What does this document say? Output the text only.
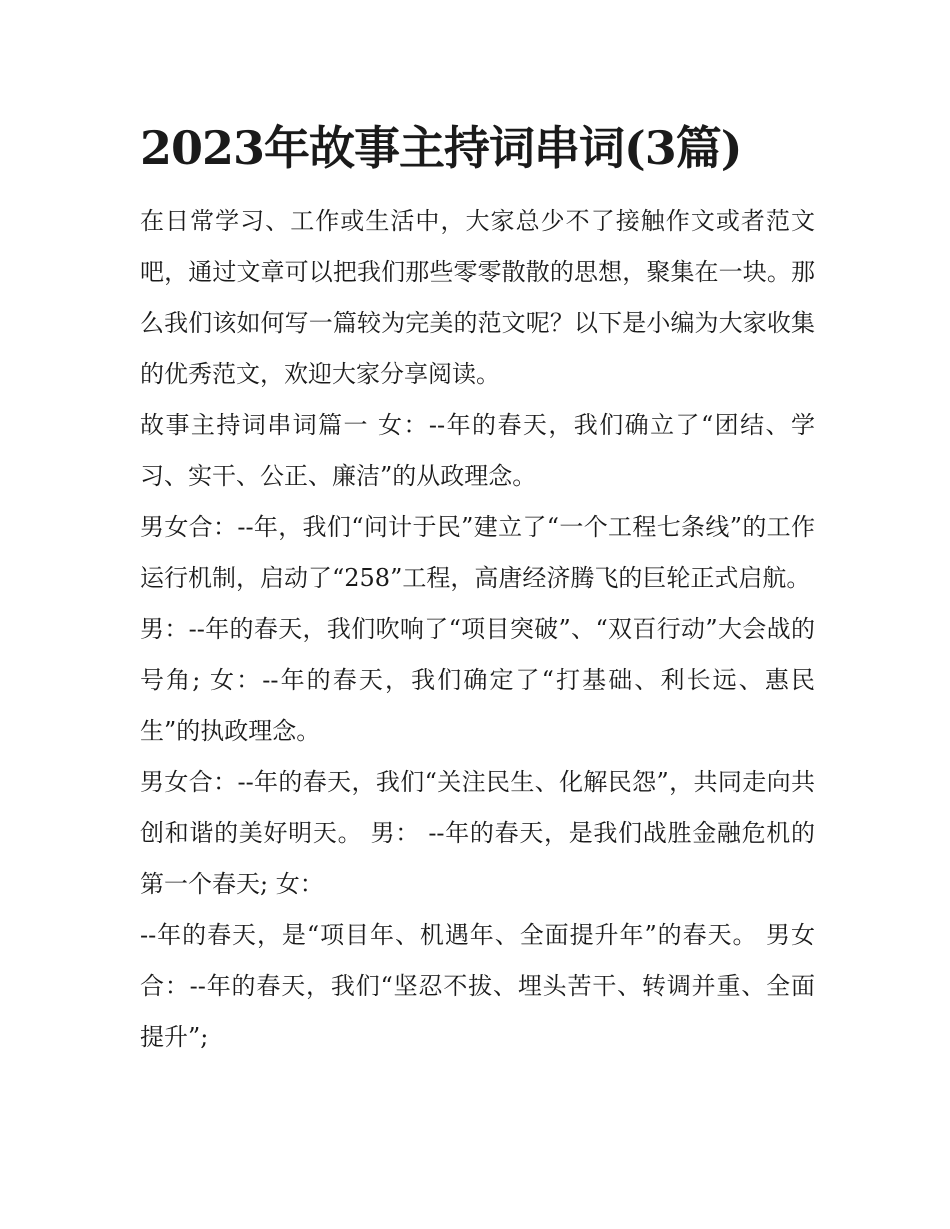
2023年故事主持词串词(3篇)

在日常学习、工作或生活中，大家总少不了接触作文或者范文吧，通过文章可以把我们那些零零散散的思想，聚集在一块。那么我们该如何写一篇较为完美的范文呢？以下是小编为大家收集的优秀范文，欢迎大家分享阅读。

故事主持词串词篇一 女：--年的春天，我们确立了“团结、学习、实干、公正、廉洁”的从政理念。

男女合：--年，我们“问计于民”建立了“一个工程七条线”的工作运行机制，启动了“258”工程，高唐经济腾飞的巨轮正式启航。

男：--年的春天，我们吹响了“项目突破”、“双百行动”大会战的号角; 女：--年的春天，我们确定了“打基础、利长远、惠民生”的执政理念。

男女合：--年的春天，我们“关注民生、化解民怨”，共同走向共创和谐的美好明天。 男： --年的春天，是我们战胜金融危机的第一个春天; 女：

--年的春天，是“项目年、机遇年、全面提升年”的春天。 男女合：--年的春天，我们“坚忍不拔、埋头苦干、转调并重、全面提升”;
